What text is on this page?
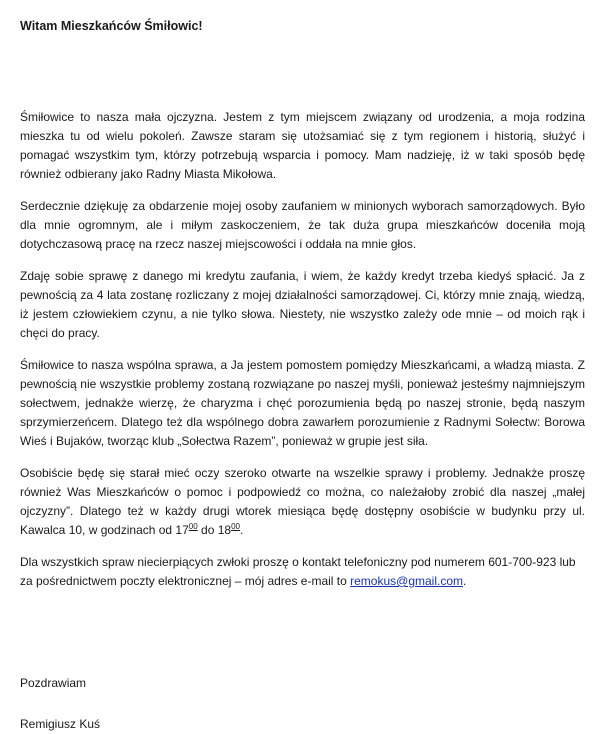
Witam Mieszkańców Śmiłowic!

Śmiłowice to nasza mała ojczyzna. Jestem z tym miejscem związany od urodzenia, a moja rodzina mieszka tu od wielu pokoleń. Zawsze staram się utożsamiać się z tym regionem i historią, służyć i pomagać wszystkim tym, którzy potrzebują wsparcia i pomocy. Mam nadzieję, iż w taki sposób będę również odbierany jako Radny Miasta Mikołowa.

Serdecznie dziękuję za obdarzenie mojej osoby zaufaniem w minionych wyborach samorządowych. Było dla mnie ogromnym, ale i miłym zaskoczeniem, że tak duża grupa mieszkańców doceniła moją dotychczasową pracę na rzecz naszej miejscowości i oddała na mnie głos.

Zdaję sobie sprawę z danego mi kredytu zaufania, i wiem, że każdy kredyt trzeba kiedyś spłacić. Ja z pewnością za 4 lata zostanę rozliczany z mojej działalności samorządowej. Ci, którzy mnie znają, wiedzą, iż jestem człowiekiem czynu, a nie tylko słowa. Niestety, nie wszystko zależy ode mnie – od moich rąk i chęci do pracy.

Śmiłowice to nasza wspólna sprawa, a Ja jestem pomostem pomiędzy Mieszkańcami, a władzą miasta. Z pewnością nie wszystkie problemy zostaną rozwiązane po naszej myśli, ponieważ jesteśmy najmniejszym sołectwem, jednakże wierzę, że charyzma i chęć porozumienia będą po naszej stronie, będą naszym sprzymierzeńcem. Dlatego też dla wspólnego dobra zawarłem porozumienie z Radnymi Sołectw: Borowa Wieś i Bujaków, tworząc klub „Sołectwa Razem”, ponieważ w grupie jest siła.

Osobiście będę się starał mieć oczy szeroko otwarte na wszelkie sprawy i problemy. Jednakże proszę również Was Mieszkańców o pomoc i podpowiedź co można, co należałoby zrobić dla naszej „małej ojczyzny”. Dlatego też w każdy drugi wtorek miesiąca będę dostępny osobiście w budynku przy ul. Kawalca 10, w godzinach od $17^{00}$ do $18^{00}$.

Dla wszystkich spraw niecierpiących zwłoki proszę o kontakt telefoniczny pod numerem 601-700-923 lub za pośrednictwem poczty elektronicznej – mój adres e-mail to remokus@gmail.com.

Pozdrawiam

Remigiusz Kuś
